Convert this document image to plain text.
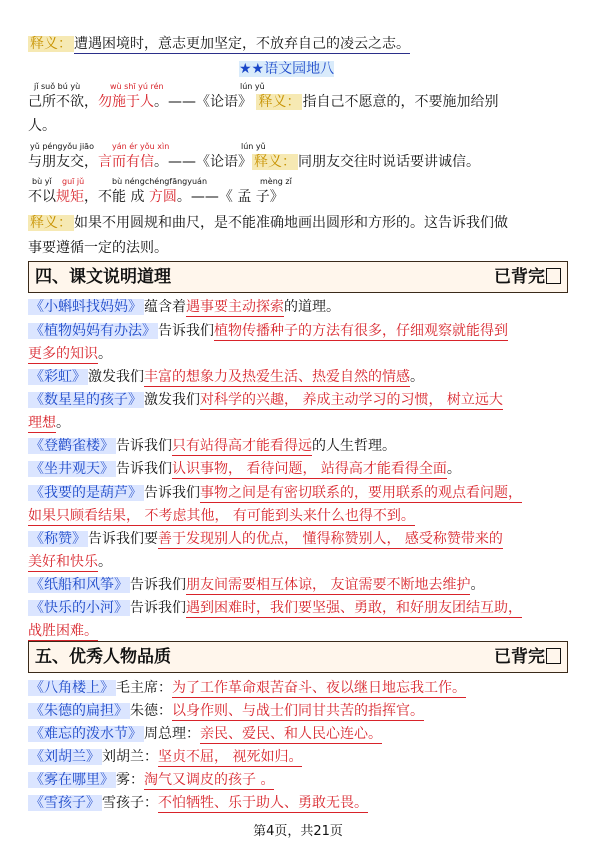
释义： 遭遇困境时，意志更加坚定，不放弃自己的凌云之志。
★★语文园地八
jǐ suǒ bú yù	wù shī yú rén	lún yǔ
己所不欲，勿施于人。——《论语》 释义： 指自己不愿意的，不要施加给别
人。
yǔ péngyǒu jiāo yán ér yǒu xìn	lún yǔ
与朋友交，言而有信。——《论语》 释义： 同朋友交往时说话要讲诚信。
bù yǐ guī jǔ	bù néngchéngfāngyuán	mèng zǐ
不以规矩，不能 成 方圆。——《 孟 子》
释义： 如果不用圆规和曲尺，是不能准确地画出圆形和方形的。这告诉我们做
事要遵循一定的法则。
四、课文说明道理	已背完
《小蝌蚪找妈妈》 蕴含着遇事要主动探索的道理。
《植物妈妈有办法》 告诉我们植物传播种子的方法有很多，仔细观察就能得到
更多的知识。
《彩虹》 激发我们丰富的想象力及热爱生活、热爱自然的情感。
《数星星的孩子》 激发我们对科学的兴趣， 养成主动学习的习惯， 树立远大
理想。
《登鹳雀楼》 告诉我们只有站得高才能看得远的人生哲理。
《坐井观天》 告诉我们认识事物， 看待问题， 站得高才能看得全面。
《我要的是葫芦》 告诉我们事物之间是有密切联系的，要用联系的观点看问题，
如果只顾看结果， 不考虑其他， 有可能到头来什么也得不到。
《称赞》 告诉我们要善于发现别人的优点， 懂得称赞别人， 感受称赞带来的
美好和快乐。
《纸船和风筝》 告诉我们朋友间需要相互体谅， 友谊需要不断地去维护。
《快乐的小河》 告诉我们遇到困难时，我们要坚强、勇敢，和好朋友团结互助，
战胜困难。
五、优秀人物品质	已背完
《八角楼上》 毛主席：为了工作革命艰苦奋斗、夜以继日地忘我工作。
《朱德的扁担》 朱德：以身作则、与战士们同甘共苦的指挥官。
《难忘的泼水节》 周总理：亲民、爱民、和人民心连心。
《刘胡兰》 刘胡兰：坚贞不屈， 视死如归。
《雾在哪里》 雾：淘气又调皮的孩子 。
《雪孩子》 雪孩子：不怕牺牲、乐于助人、勇敢无畏。
第4页，共21页
